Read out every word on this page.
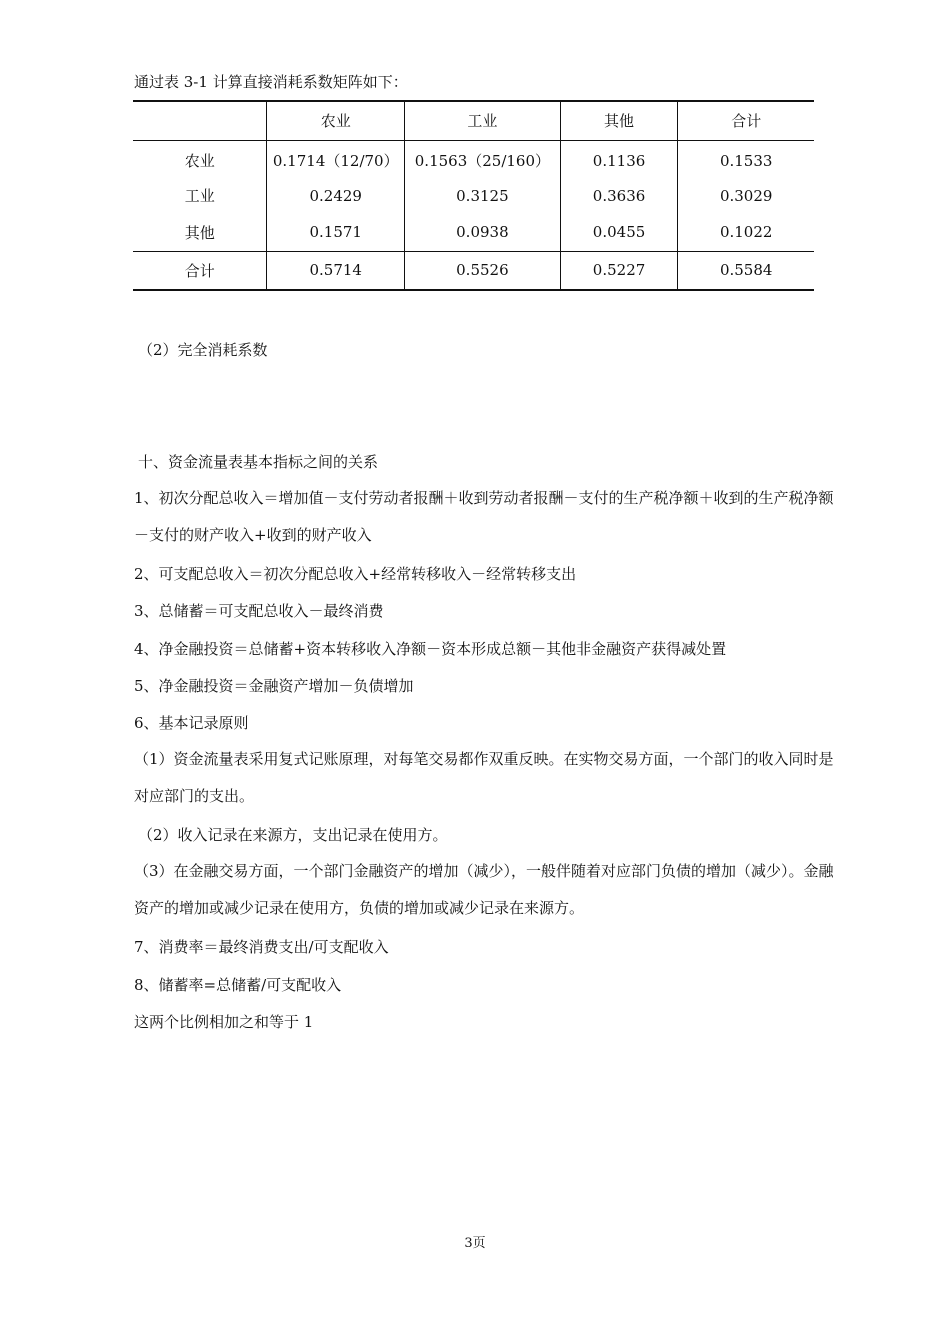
通过表 3-1 计算直接消耗系数矩阵如下：
	农业	工业	其他	合计
农业	0.1714（12/70）	0.1563（25/160）	0.1136	0.1533
工业	0.2429	0.3125	0.3636	0.3029
其他	0.1571	0.0938	0.0455	0.1022
合计	0.5714	0.5526	0.5227	0.5584
（2）完全消耗系数
十、资金流量表基本指标之间的关系
1、初次分配总收入＝增加值－支付劳动者报酬＋收到劳动者报酬－支付的生产税净额＋收到的生产税净额－支付的财产收入+收到的财产收入
2、可支配总收入＝初次分配总收入+经常转移收入－经常转移支出
3、总储蓄＝可支配总收入－最终消费
4、净金融投资＝总储蓄+资本转移收入净额－资本形成总额－其他非金融资产获得减处置
5、净金融投资＝金融资产增加－负债增加
6、基本记录原则
（1）资金流量表采用复式记账原理，对每笔交易都作双重反映。在实物交易方面，一个部门的收入同时是对应部门的支出。
（2）收入记录在来源方，支出记录在使用方。
（3）在金融交易方面，一个部门金融资产的增加（减少），一般伴随着对应部门负债的增加（减少）。金融资产的增加或减少记录在使用方，负债的增加或减少记录在来源方。
7、消费率＝最终消费支出/可支配收入
8、储蓄率=总储蓄/可支配收入
这两个比例相加之和等于 1
3页
